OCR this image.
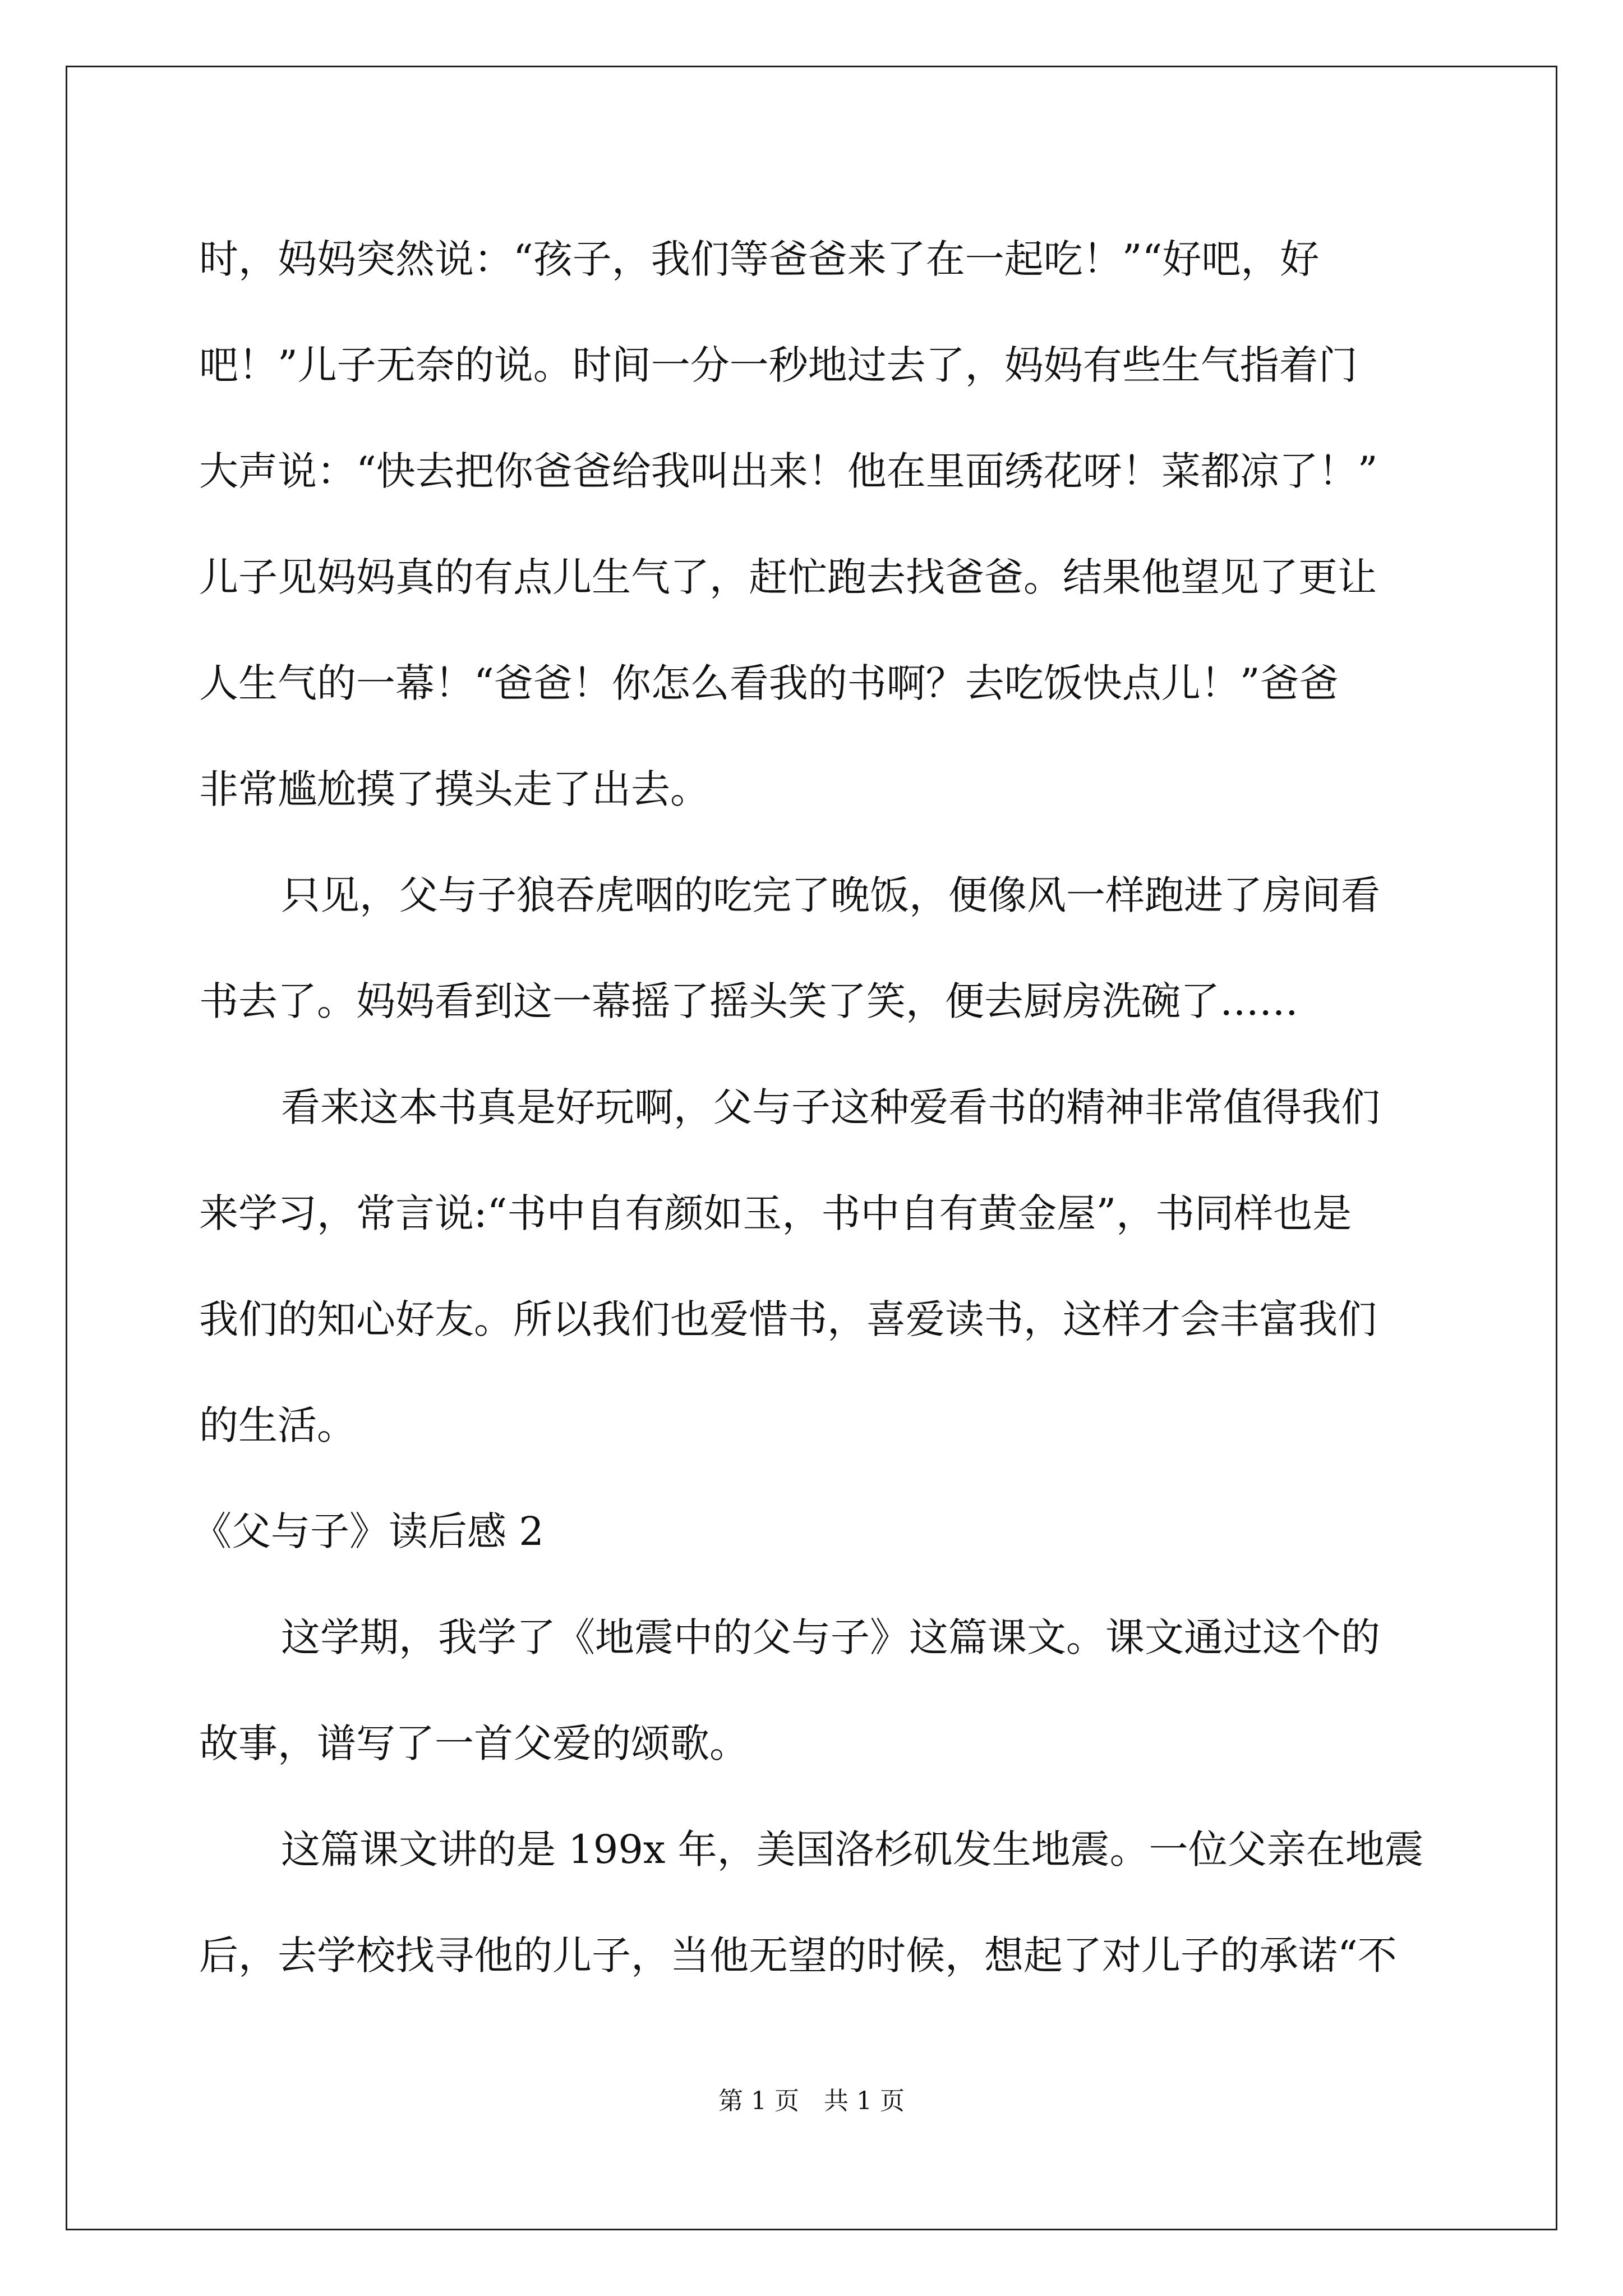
时，妈妈突然说：“孩子，我们等爸爸来了在一起吃！”“好吧，好
吧！”儿子无奈的说。时间一分一秒地过去了，妈妈有些生气指着门
大声说：“快去把你爸爸给我叫出来！他在里面绣花呀！菜都凉了！”
儿子见妈妈真的有点儿生气了，赶忙跑去找爸爸。结果他望见了更让
人生气的一幕！“爸爸！你怎么看我的书啊？去吃饭快点儿！”爸爸
非常尴尬摸了摸头走了出去。
只见，父与子狼吞虎咽的吃完了晚饭，便像风一样跑进了房间看
书去了。妈妈看到这一幕摇了摇头笑了笑，便去厨房洗碗了……
看来这本书真是好玩啊，父与子这种爱看书的精神非常值得我们
来学习，常言说:“书中自有颜如玉，书中自有黄金屋”，书同样也是
我们的知心好友。所以我们也爱惜书，喜爱读书，这样才会丰富我们
的生活。
《父与子》读后感 2
这学期，我学了《地震中的父与子》这篇课文。课文通过这个的
故事，谱写了一首父爱的颂歌。
这篇课文讲的是 199x 年，美国洛杉矶发生地震。一位父亲在地震
后，去学校找寻他的儿子，当他无望的时候，想起了对儿子的承诺“不
第 1 页　共 1 页
